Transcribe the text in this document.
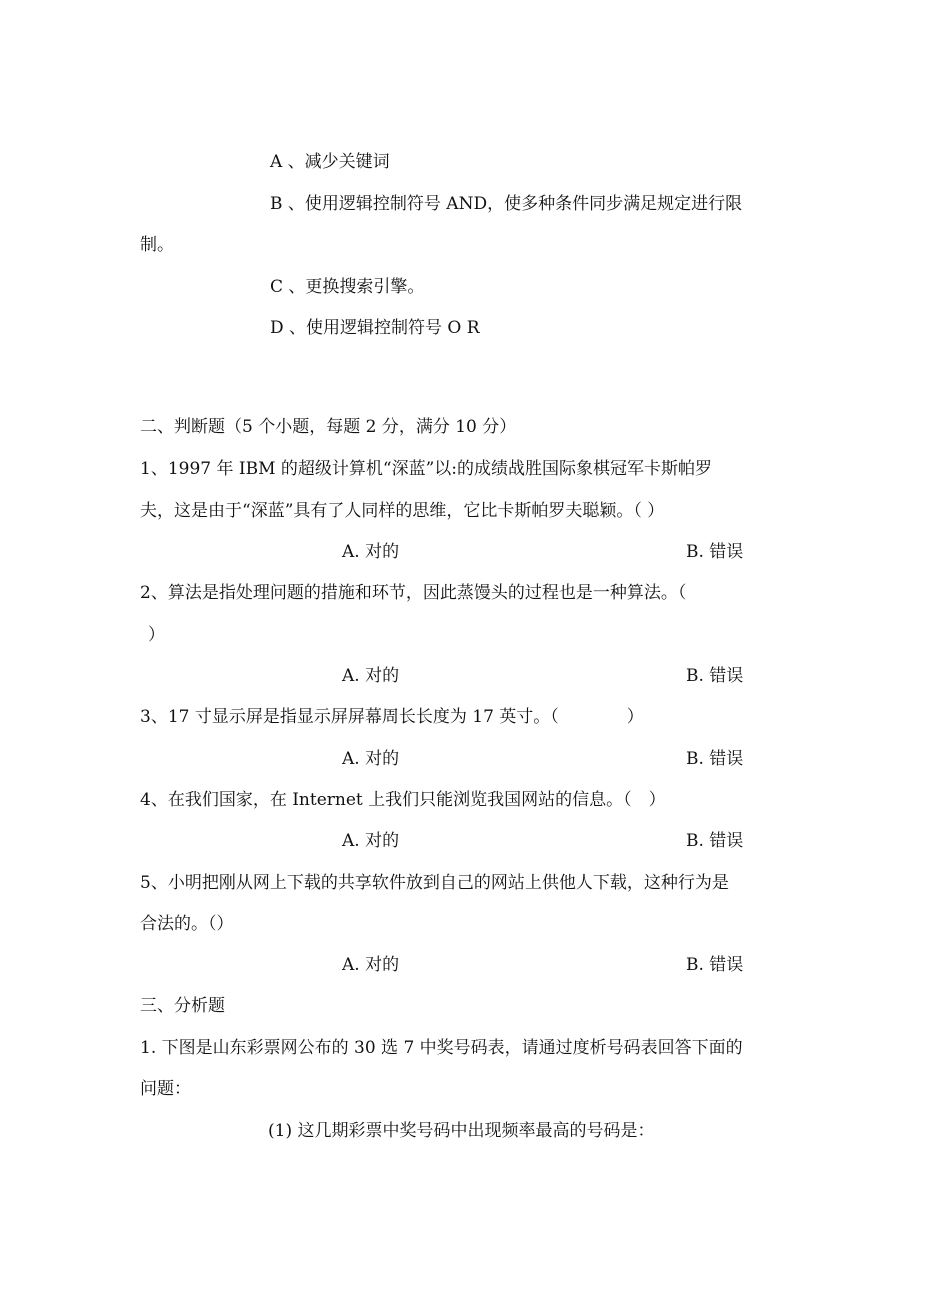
A 、减少关键词
B 、使用逻辑控制符号 AND，使多种条件同步满足规定进行限
制。
C 、更换搜索引擎。
D 、使用逻辑控制符号 O R
二、判断题（5 个小题，每题 2 分，满分 10 分）
1、1997 年 IBM 的超级计算机“深蓝”以:的成绩战胜国际象棋冠军卡斯帕罗
夫，这是由于“深蓝”具有了人同样的思维，它比卡斯帕罗夫聪颖。（ ）
A. 对的	B. 错误
2、算法是指处理问题的措施和环节，因此蒸馒头的过程也是一种算法。（
）
A. 对的	B. 错误
3、17 寸显示屏是指显示屏屏幕周长长度为 17 英寸。（　　　　）
A. 对的	B. 错误
4、在我们国家，在 Internet 上我们只能浏览我国网站的信息。（　）
A. 对的	B. 错误
5、小明把刚从网上下载的共享软件放到自己的网站上供他人下载，这种行为是
合法的。（）
A. 对的	B. 错误
三、分析题
1. 下图是山东彩票网公布的 30 选 7 中奖号码表，请通过度析号码表回答下面的
问题：
(1) 这几期彩票中奖号码中出现频率最高的号码是：
